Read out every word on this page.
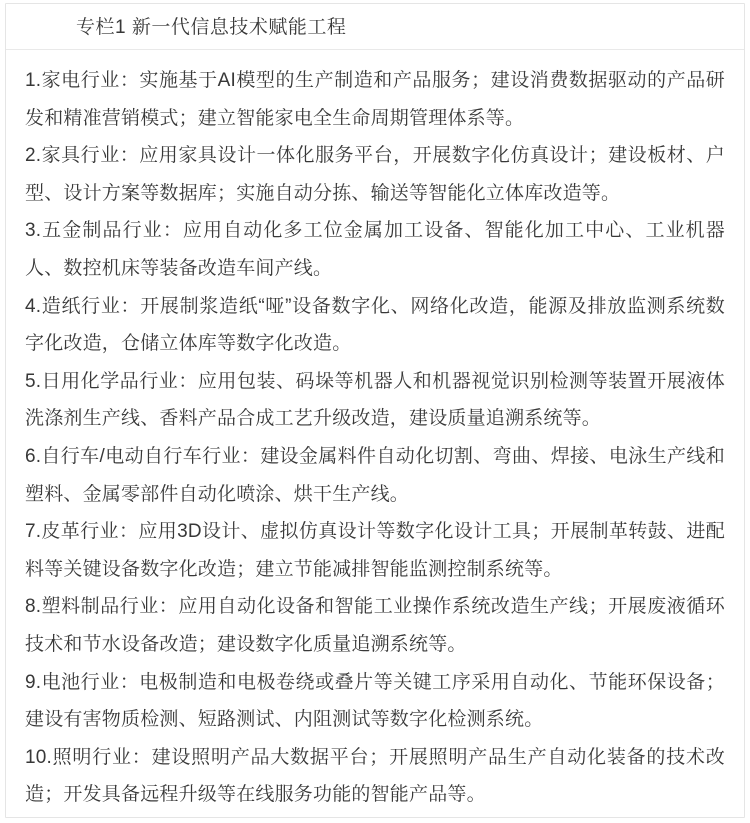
专栏1 新一代信息技术赋能工程

1.家电行业：实施基于AI模型的生产制造和产品服务；建设消费数据驱动的产品研发和精准营销模式；建立智能家电全生命周期管理体系等。

2.家具行业：应用家具设计一体化服务平台，开展数字化仿真设计；建设板材、户型、设计方案等数据库；实施自动分拣、输送等智能化立体库改造等。

3.五金制品行业：应用自动化多工位金属加工设备、智能化加工中心、工业机器人、数控机床等装备改造车间产线。

4.造纸行业：开展制浆造纸“哑”设备数字化、网络化改造，能源及排放监测系统数字化改造，仓储立体库等数字化改造。

5.日用化学品行业：应用包装、码垛等机器人和机器视觉识别检测等装置开展液体洗涤剂生产线、香料产品合成工艺升级改造，建设质量追溯系统等。

6.自行车/电动自行车行业：建设金属料件自动化切割、弯曲、焊接、电泳生产线和塑料、金属零部件自动化喷涂、烘干生产线。

7.皮革行业：应用3D设计、虚拟仿真设计等数字化设计工具；开展制革转鼓、进配料等关键设备数字化改造；建立节能减排智能监测控制系统等。

8.塑料制品行业：应用自动化设备和智能工业操作系统改造生产线；开展废液循环技术和节水设备改造；建设数字化质量追溯系统等。

9.电池行业：电极制造和电极卷绕或叠片等关键工序采用自动化、节能环保设备；建设有害物质检测、短路测试、内阻测试等数字化检测系统。

10.照明行业：建设照明产品大数据平台；开展照明产品生产自动化装备的技术改造；开发具备远程升级等在线服务功能的智能产品等。
